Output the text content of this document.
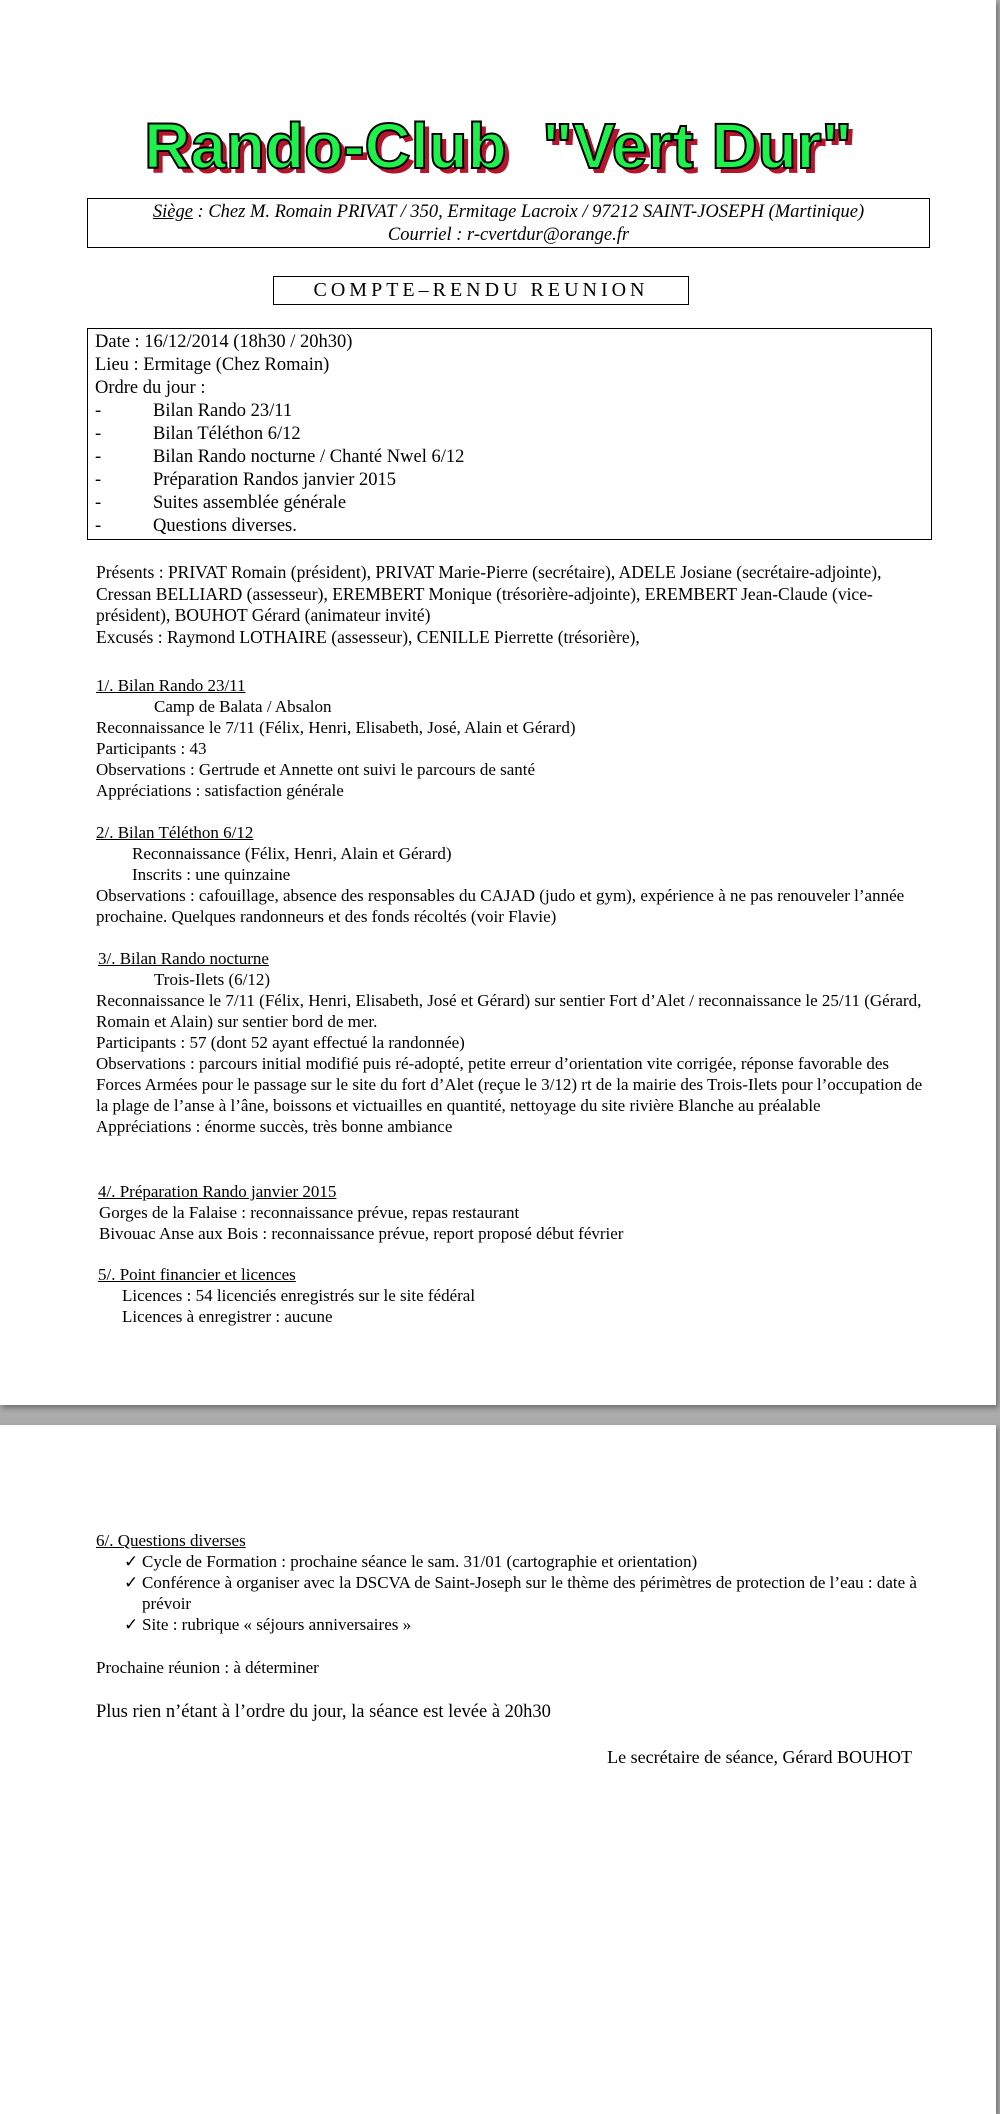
Rando-Club  "Vert Dur"
Siège : Chez M. Romain PRIVAT / 350, Ermitage Lacroix / 97212 SAINT-JOSEPH (Martinique)
Courriel : r-cvertdur@orange.fr
COMPTE–RENDU REUNION
Date : 16/12/2014 (18h30 / 20h30)
Lieu : Ermitage (Chez Romain)
Ordre du jour :
-	Bilan Rando 23/11
-	Bilan Téléthon 6/12
-	Bilan Rando nocturne / Chanté Nwel 6/12
-	Préparation Randos janvier 2015
-	Suites assemblée générale
-	Questions diverses.
Présents : PRIVAT Romain (président), PRIVAT Marie-Pierre (secrétaire), ADELE Josiane (secrétaire-adjointe), Cressan BELLIARD (assesseur), EREMBERT Monique (trésorière-adjointe), EREMBERT Jean-Claude (vice-président), BOUHOT Gérard (animateur invité)
Excusés : Raymond LOTHAIRE (assesseur), CENILLE Pierrette (trésorière),
1/. Bilan Rando 23/11
Camp de Balata / Absalon
Reconnaissance le 7/11 (Félix, Henri, Elisabeth, José, Alain et Gérard)
Participants : 43
Observations : Gertrude et Annette ont suivi le parcours de santé
Appréciations : satisfaction générale
2/. Bilan Téléthon 6/12
Reconnaissance (Félix, Henri, Alain et Gérard)
Inscrits : une quinzaine
Observations : cafouillage, absence des responsables du CAJAD (judo et gym), expérience à ne pas renouveler l’année prochaine. Quelques randonneurs et des fonds récoltés (voir Flavie)
3/. Bilan Rando nocturne
Trois-Ilets (6/12)
Reconnaissance le 7/11 (Félix, Henri, Elisabeth, José et Gérard) sur sentier Fort d’Alet / reconnaissance le 25/11 (Gérard, Romain et Alain) sur sentier bord de mer.
Participants : 57 (dont 52 ayant effectué la randonnée)
Observations : parcours initial modifié puis ré-adopté, petite erreur d’orientation vite corrigée, réponse favorable des Forces Armées pour le passage sur le site du fort d’Alet (reçue le 3/12) rt de la mairie des Trois-Ilets pour l’occupation de la plage de l’anse à l’âne, boissons et victuailles en quantité, nettoyage du site rivière Blanche au préalable
Appréciations : énorme succès, très bonne ambiance
4/. Préparation Rando janvier 2015
Gorges de la Falaise : reconnaissance prévue, repas restaurant
Bivouac Anse aux Bois : reconnaissance prévue, report proposé début février
5/. Point financier et licences
Licences : 54 licenciés enregistrés sur le site fédéral
Licences à enregistrer : aucune
6/. Questions diverses
✓ Cycle de Formation : prochaine séance le sam. 31/01 (cartographie et orientation)
✓ Conférence à organiser avec la DSCVA de Saint-Joseph sur le thème des périmètres de protection de l’eau : date à prévoir
✓ Site : rubrique « séjours anniversaires »
Prochaine réunion : à déterminer
Plus rien n’étant à l’ordre du jour, la séance est levée à 20h30
Le secrétaire de séance, Gérard BOUHOT
